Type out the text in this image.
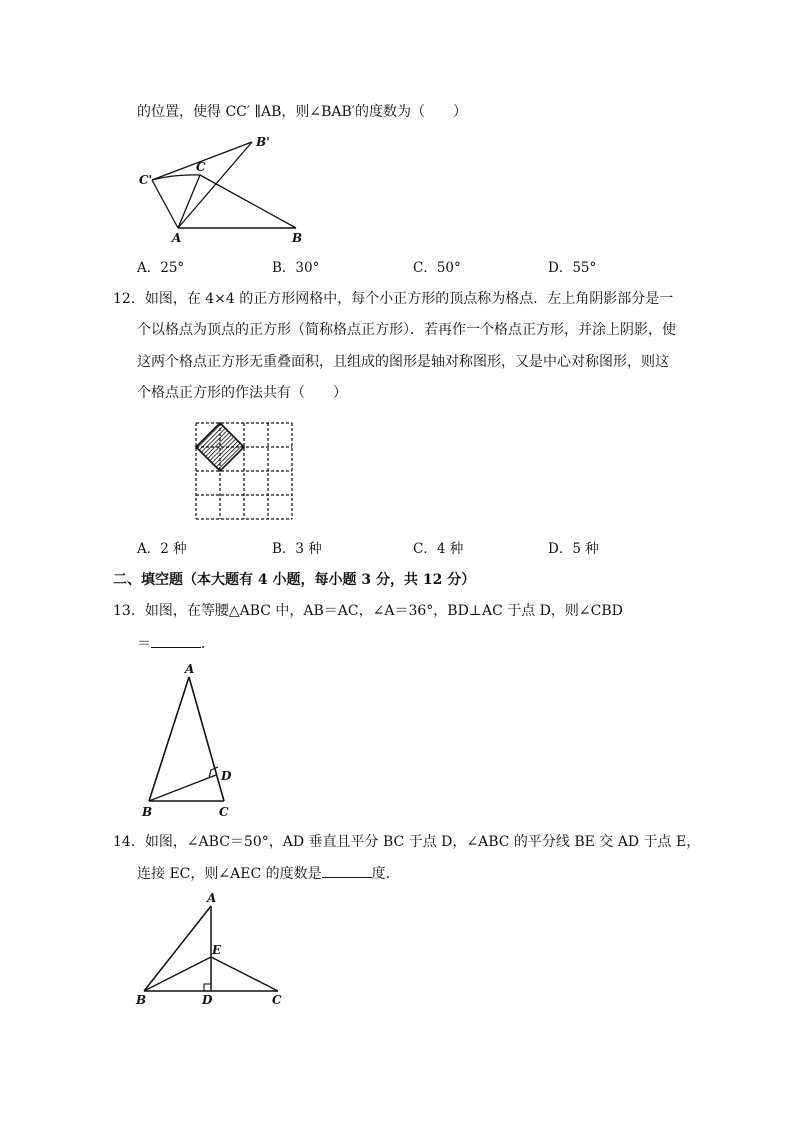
的位置，使得 CC′ ∥AB，则∠BAB′的度数为（　　）
B'
C'
C
A	B
A．25°	B．30°	C．50°	D．55°
12．如图，在 4×4 的正方形网格中，每个小正方形的顶点称为格点．左上角阴影部分是一
个以格点为顶点的正方形（简称格点正方形）．若再作一个格点正方形，并涂上阴影，使
这两个格点正方形无重叠面积，且组成的图形是轴对称图形，又是中心对称图形，则这
个格点正方形的作法共有（　　）
A．2 种	B．3 种	C．4 种	D．5 种
二、填空题（本大题有 4 小题，每小题 3 分，共 12 分）
13．如图，在等腰△ABC 中，AB＝AC，∠A＝36°，BD⊥AC 于点 D，则∠CBD
＝	．
A
B	C
D
14．如图，∠ABC＝50°，AD 垂直且平分 BC 于点 D，∠ABC 的平分线 BE 交 AD 于点 E，
连接 EC，则∠AEC 的度数是	度．
A
E
B	D	C
